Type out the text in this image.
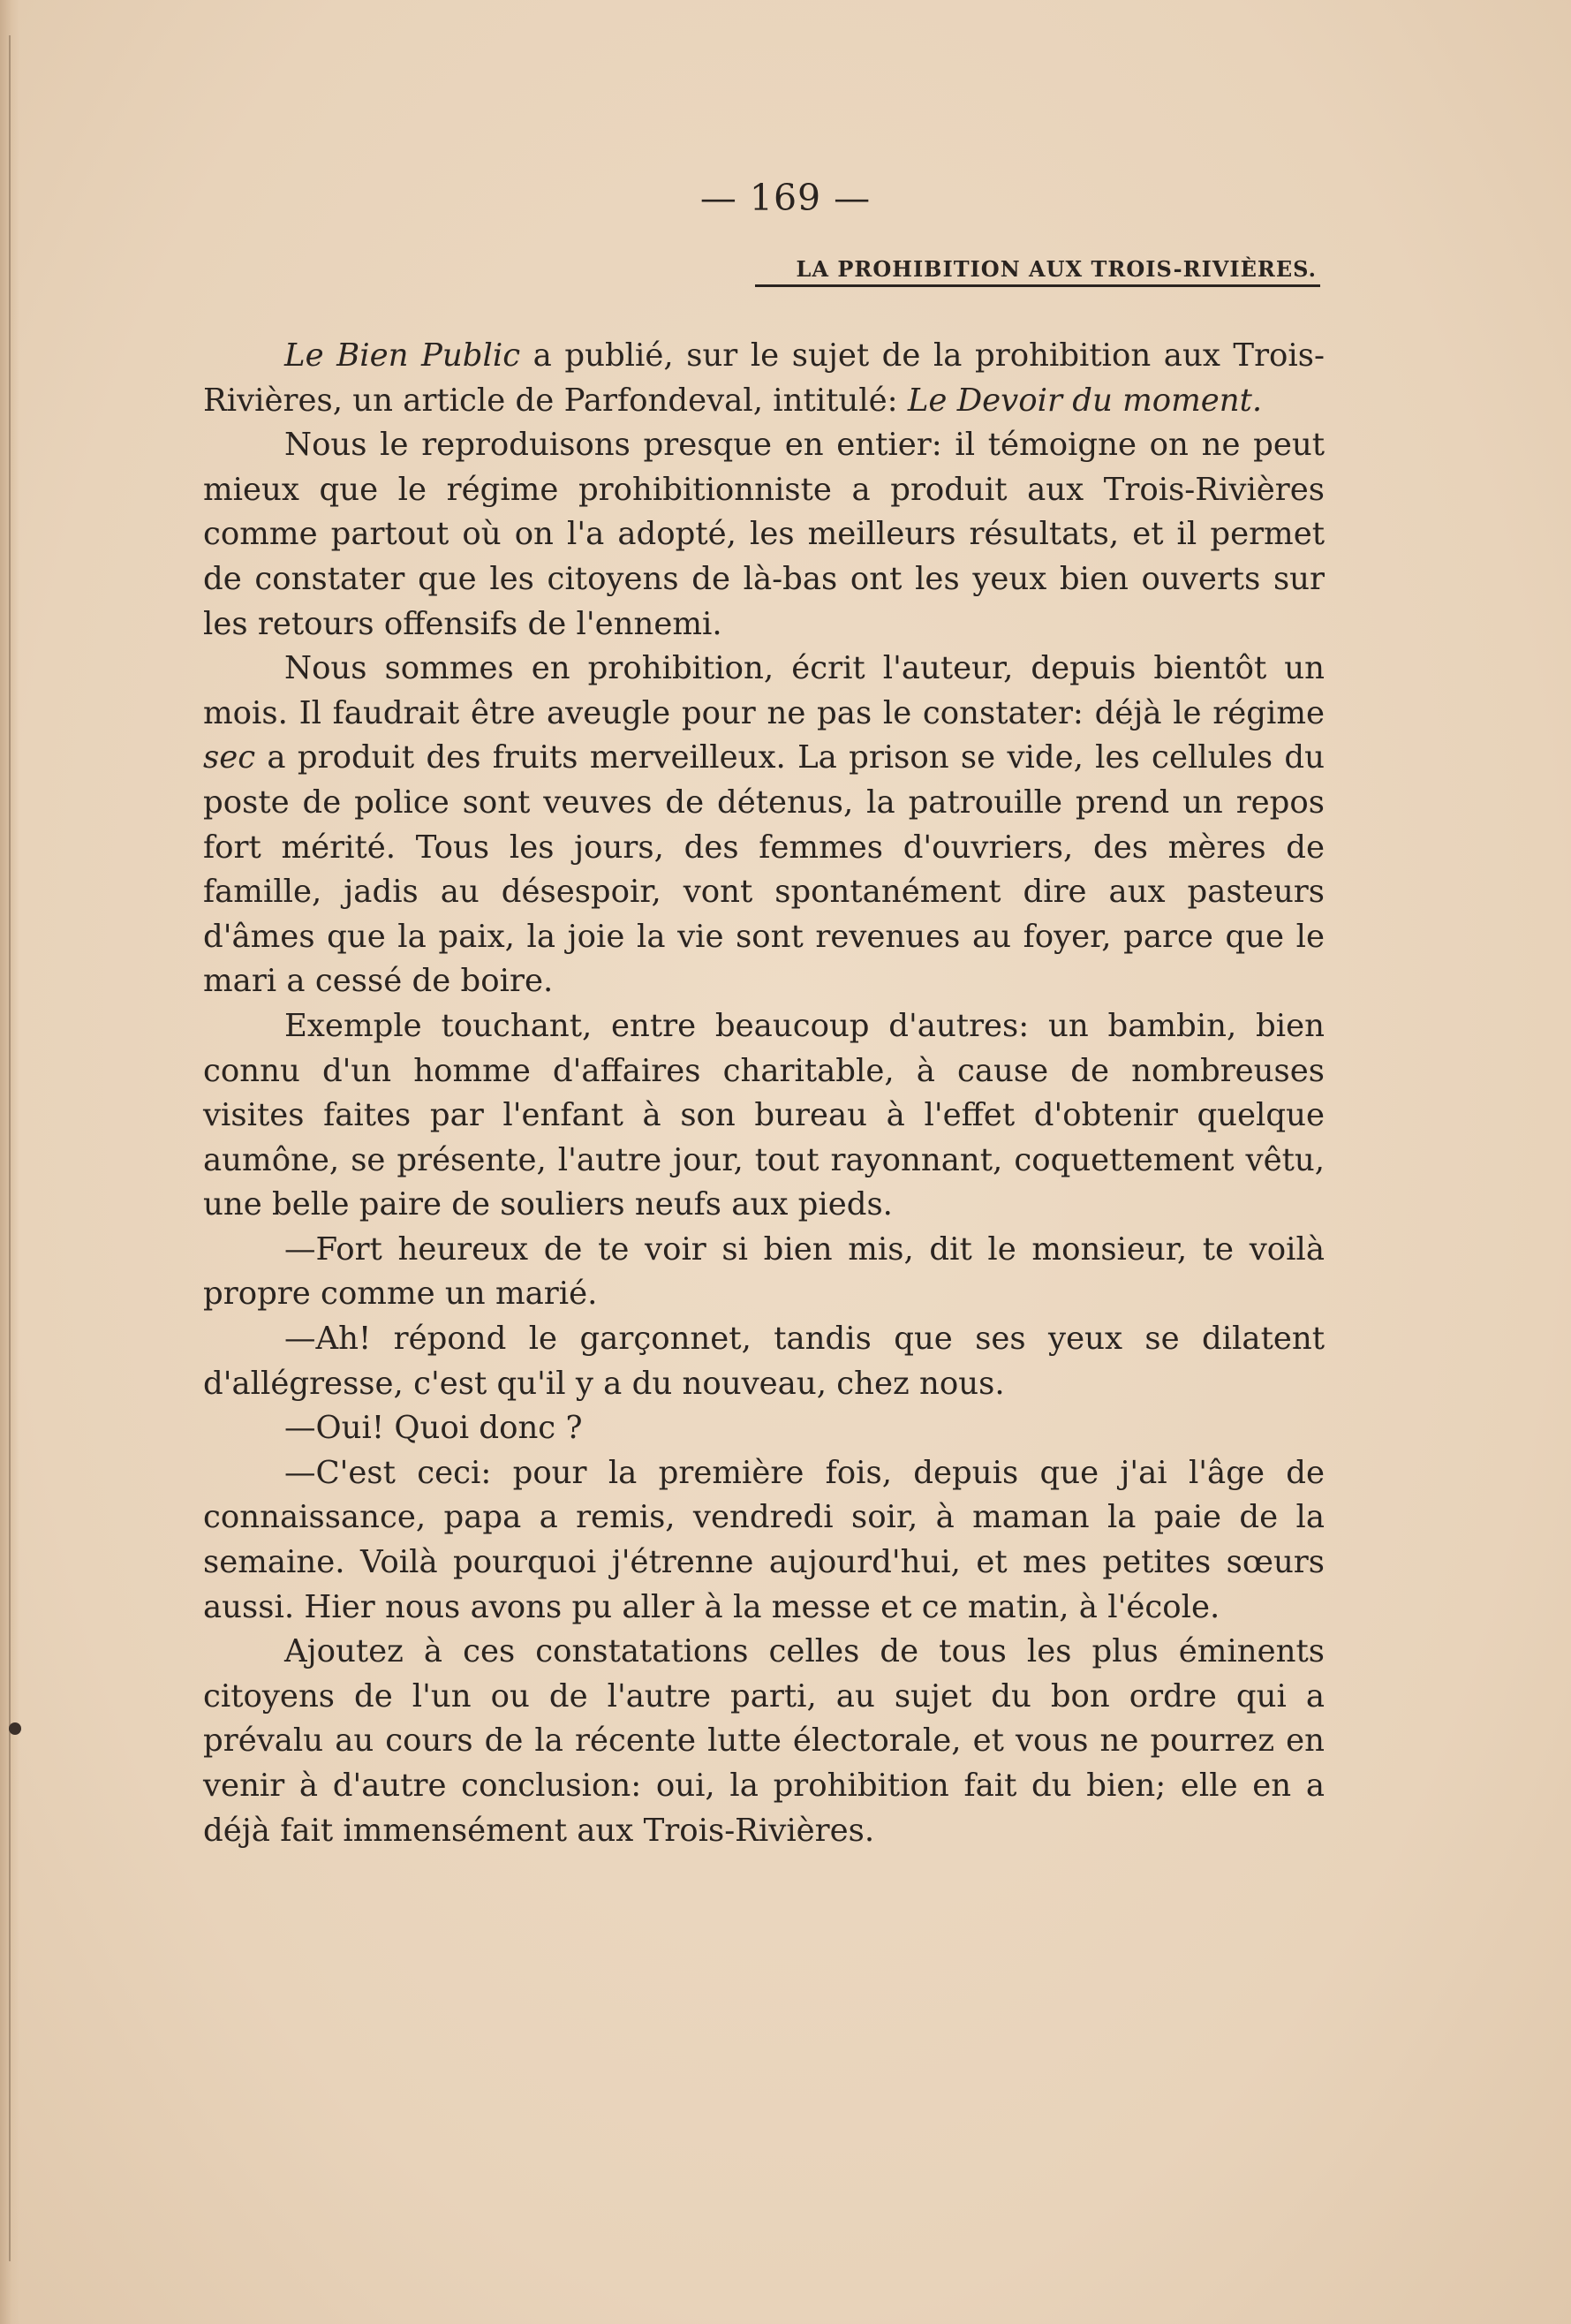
— 169 —
LA PROHIBITION AUX TROIS-RIVIÈRES.

Le Bien Public a publié, sur le sujet de la prohibition aux Trois-Rivières, un article de Parfondeval, intitulé: Le Devoir du moment.

Nous le reproduisons presque en entier: il témoigne on ne peut mieux que le régime prohibitionniste a produit aux Trois-Rivières comme partout où on l'a adopté, les meilleurs résultats, et il permet de constater que les citoyens de là-bas ont les yeux bien ouverts sur les retours offensifs de l'ennemi.

Nous sommes en prohibition, écrit l'auteur, depuis bientôt un mois. Il faudrait être aveugle pour ne pas le constater: déjà le régime sec a produit des fruits merveilleux. La prison se vide, les cellules du poste de police sont veuves de détenus, la patrouille prend un repos fort mérité. Tous les jours, des femmes d'ouvriers, des mères de famille, jadis au désespoir, vont spontanément dire aux pasteurs d'âmes que la paix, la joie la vie sont revenues au foyer, parce que le mari a cessé de boire.

Exemple touchant, entre beaucoup d'autres: un bambin, bien connu d'un homme d'affaires charitable, à cause de nombreuses visites faites par l'enfant à son bureau à l'effet d'obtenir quelque aumône, se présente, l'autre jour, tout rayonnant, coquettement vêtu, une belle paire de souliers neufs aux pieds.

—Fort heureux de te voir si bien mis, dit le monsieur, te voilà propre comme un marié.

—Ah! répond le garçonnet, tandis que ses yeux se dilatent d'allégresse, c'est qu'il y a du nouveau, chez nous.

—Oui! Quoi donc ?

—C'est ceci: pour la première fois, depuis que j'ai l'âge de connaissance, papa a remis, vendredi soir, à maman la paie de la semaine. Voilà pourquoi j'étrenne aujourd'hui, et mes petites sœurs aussi. Hier nous avons pu aller à la messe et ce matin, à l'école.

Ajoutez à ces constatations celles de tous les plus éminents citoyens de l'un ou de l'autre parti, au sujet du bon ordre qui a prévalu au cours de la récente lutte électorale, et vous ne pourrez en venir à d'autre conclusion: oui, la prohibition fait du bien; elle en a déjà fait immensément aux Trois-Rivières.
